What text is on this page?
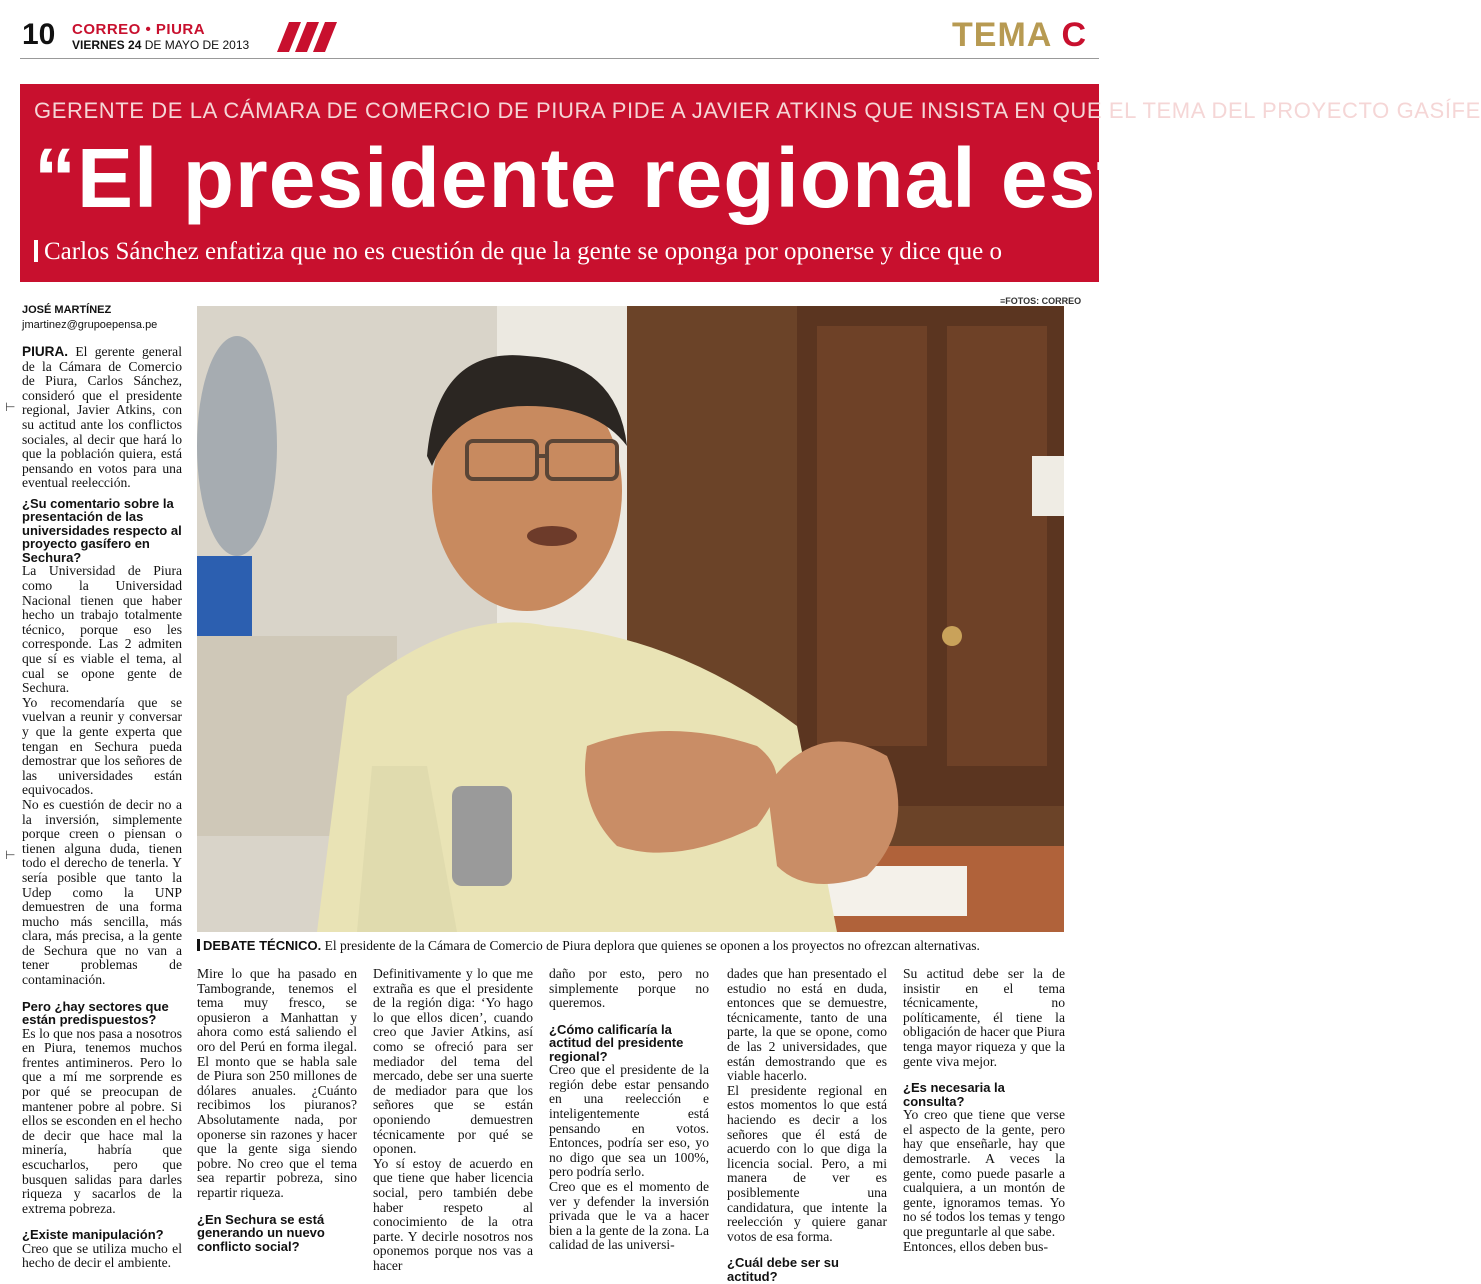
10 CORREO • PIURA
VIERNES 24 DE MAYO DE 2013	TEMA C
GERENTE DE LA CÁMARA DE COMERCIO DE PIURA PIDE A JAVIER ATKINS QUE INSISTA EN QUE EL TEMA DEL PROYECTO GASÍFE
“El presidente regional está
Carlos Sánchez enfatiza que no es cuestión de que la gente se oponga por oponerse y dice que o
JOSÉ MARTÍNEZ
jmartinez@grupoepensa.pe
≡FOTOS: CORREO
DEBATE TÉCNICO. El presidente de la Cámara de Comercio de Piura deplora que quienes se oponen a los proyectos no ofrezcan alternativas.

PIURA. El gerente general de la Cámara de Comercio de Piura, Carlos Sánchez, consideró que el presidente regional, Javier Atkins, con su actitud ante los conflictos sociales, al decir que hará lo que la población quiera, está pensando en votos para una eventual reelección.

¿Su comentario sobre la presentación de las universidades respecto al proyecto gasífero en Sechura?

La Universidad de Piura como la Universidad Nacional tienen que haber hecho un trabajo totalmente técnico, porque eso les corresponde. Las 2 admiten que sí es viable el tema, al cual se opone gente de Sechura.

Yo recomendaría que se vuelvan a reunir y conversar y que la gente experta que tengan en Sechura pueda demostrar que los señores de las universidades están equivocados.

No es cuestión de decir no a la inversión, simplemente porque creen o piensan o tienen alguna duda, tienen todo el derecho de tenerla. Y sería posible que tanto la Udep como la UNP demuestren de una forma mucho más sencilla, más clara, más precisa, a la gente de Sechura que no van a tener problemas de contaminación.

Pero ¿hay sectores que están predispuestos?

Es lo que nos pasa a nosotros en Piura, tenemos muchos frentes antimineros. Pero lo que a mí me sorprende es por qué se preocupan de mantener pobre al pobre. Si ellos se esconden en el hecho de decir que hace mal la minería, habría que escucharlos, pero que busquen salidas para darles riqueza y sacarlos de la extrema pobreza.

¿Existe manipulación?

Creo que se utiliza mucho el hecho de decir el ambiente.

⊢
⊢

Mire lo que ha pasado en Tambogrande, tenemos el tema muy fresco, se opusieron a Manhattan y ahora como está saliendo el oro del Perú en forma ilegal. El monto que se habla sale de Piura son 250 millones de dólares anuales. ¿Cuánto recibimos los piuranos? Absolutamente nada, por oponerse sin razones y hacer que la gente siga siendo pobre. No creo que el tema sea repartir pobreza, sino repartir riqueza.

¿En Sechura se está generando un nuevo conflicto social?

Definitivamente y lo que me extraña es que el presidente de la región diga: ‘Yo hago lo que ellos dicen’, cuando creo que Javier Atkins, así como se ofreció para ser mediador del tema del mercado, debe ser una suerte de mediador para que los señores que se están oponiendo demuestren técnicamente por qué se oponen.

Yo sí estoy de acuerdo en que tiene que haber licencia social, pero también debe haber respeto al conocimiento de la otra parte. Y decirle nosotros nos oponemos porque nos vas a hacer

daño por esto, pero no simplemente porque no queremos.

¿Cómo calificaría la actitud del presidente regional?

Creo que el presidente de la región debe estar pensando en una reelección e inteligentemente está pensando en votos. Entonces, podría ser eso, yo no digo que sea un 100%, pero podría serlo.

Creo que es el momento de ver y defender la inversión privada que le va a hacer bien a la gente de la zona. La calidad de las universi-

dades que han presentado el estudio no está en duda, entonces que se demuestre, técnicamente, tanto de una parte, la que se opone, como de las 2 universidades, que están demostrando que es viable hacerlo.

El presidente regional en estos momentos lo que está haciendo es decir a los señores que él está de acuerdo con lo que diga la licencia social. Pero, a mi manera de ver es posiblemente una candidatura, que intente la reelección y quiere ganar votos de esa forma.

¿Cuál debe ser su actitud?

Su actitud debe ser la de insistir en el tema técnicamente, no políticamente, él tiene la obligación de hacer que Piura tenga mayor riqueza y que la gente viva mejor.

¿Es necesaria la consulta?

Yo creo que tiene que verse el aspecto de la gente, pero hay que enseñarle, hay que demostrarle. A veces la gente, como puede pasarle a cualquiera, a un montón de gente, ignoramos temas. Yo no sé todos los temas y tengo que preguntarle al que sabe.

Entonces, ellos deben bus-
